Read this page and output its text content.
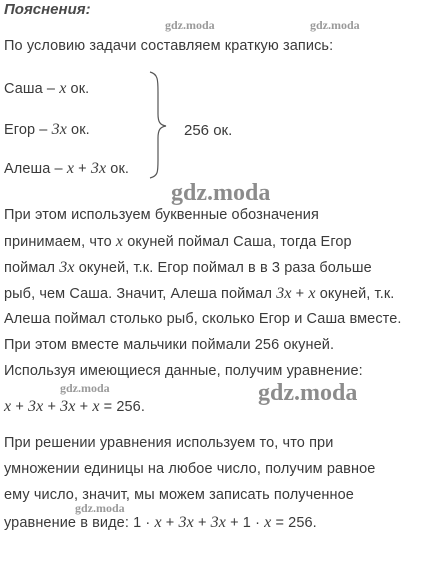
Пояснения:
gdz.moda	gdz.moda
По условию задачи составляем краткую запись:
Саша – x ок.
Егор – 3x ок.
Алеша – x + 3x ок.
256 ок.
gdz.moda
При этом используем буквенные обозначения
принимаем, что x окуней поймал Саша, тогда Егор
поймал 3x окуней, т.к. Егор поймал в в 3 раза больше
рыб, чем Саша. Значит, Алеша поймал 3x + x окуней, т.к.
Алеша поймал столько рыб, сколько Егор и Саша вместе.
При этом вместе мальчики поймали 256 окуней.
Используя имеющиеся данные, получим уравнение:
gdz.moda	gdz.moda
x + 3x + 3x + x = 256.
При решении уравнения используем то, что при
умножении единицы на любое число, получим равное
ему число, значит, мы можем записать полученное
gdz.moda
уравнение в виде: 1 · x + 3x + 3x + 1 · x = 256.
